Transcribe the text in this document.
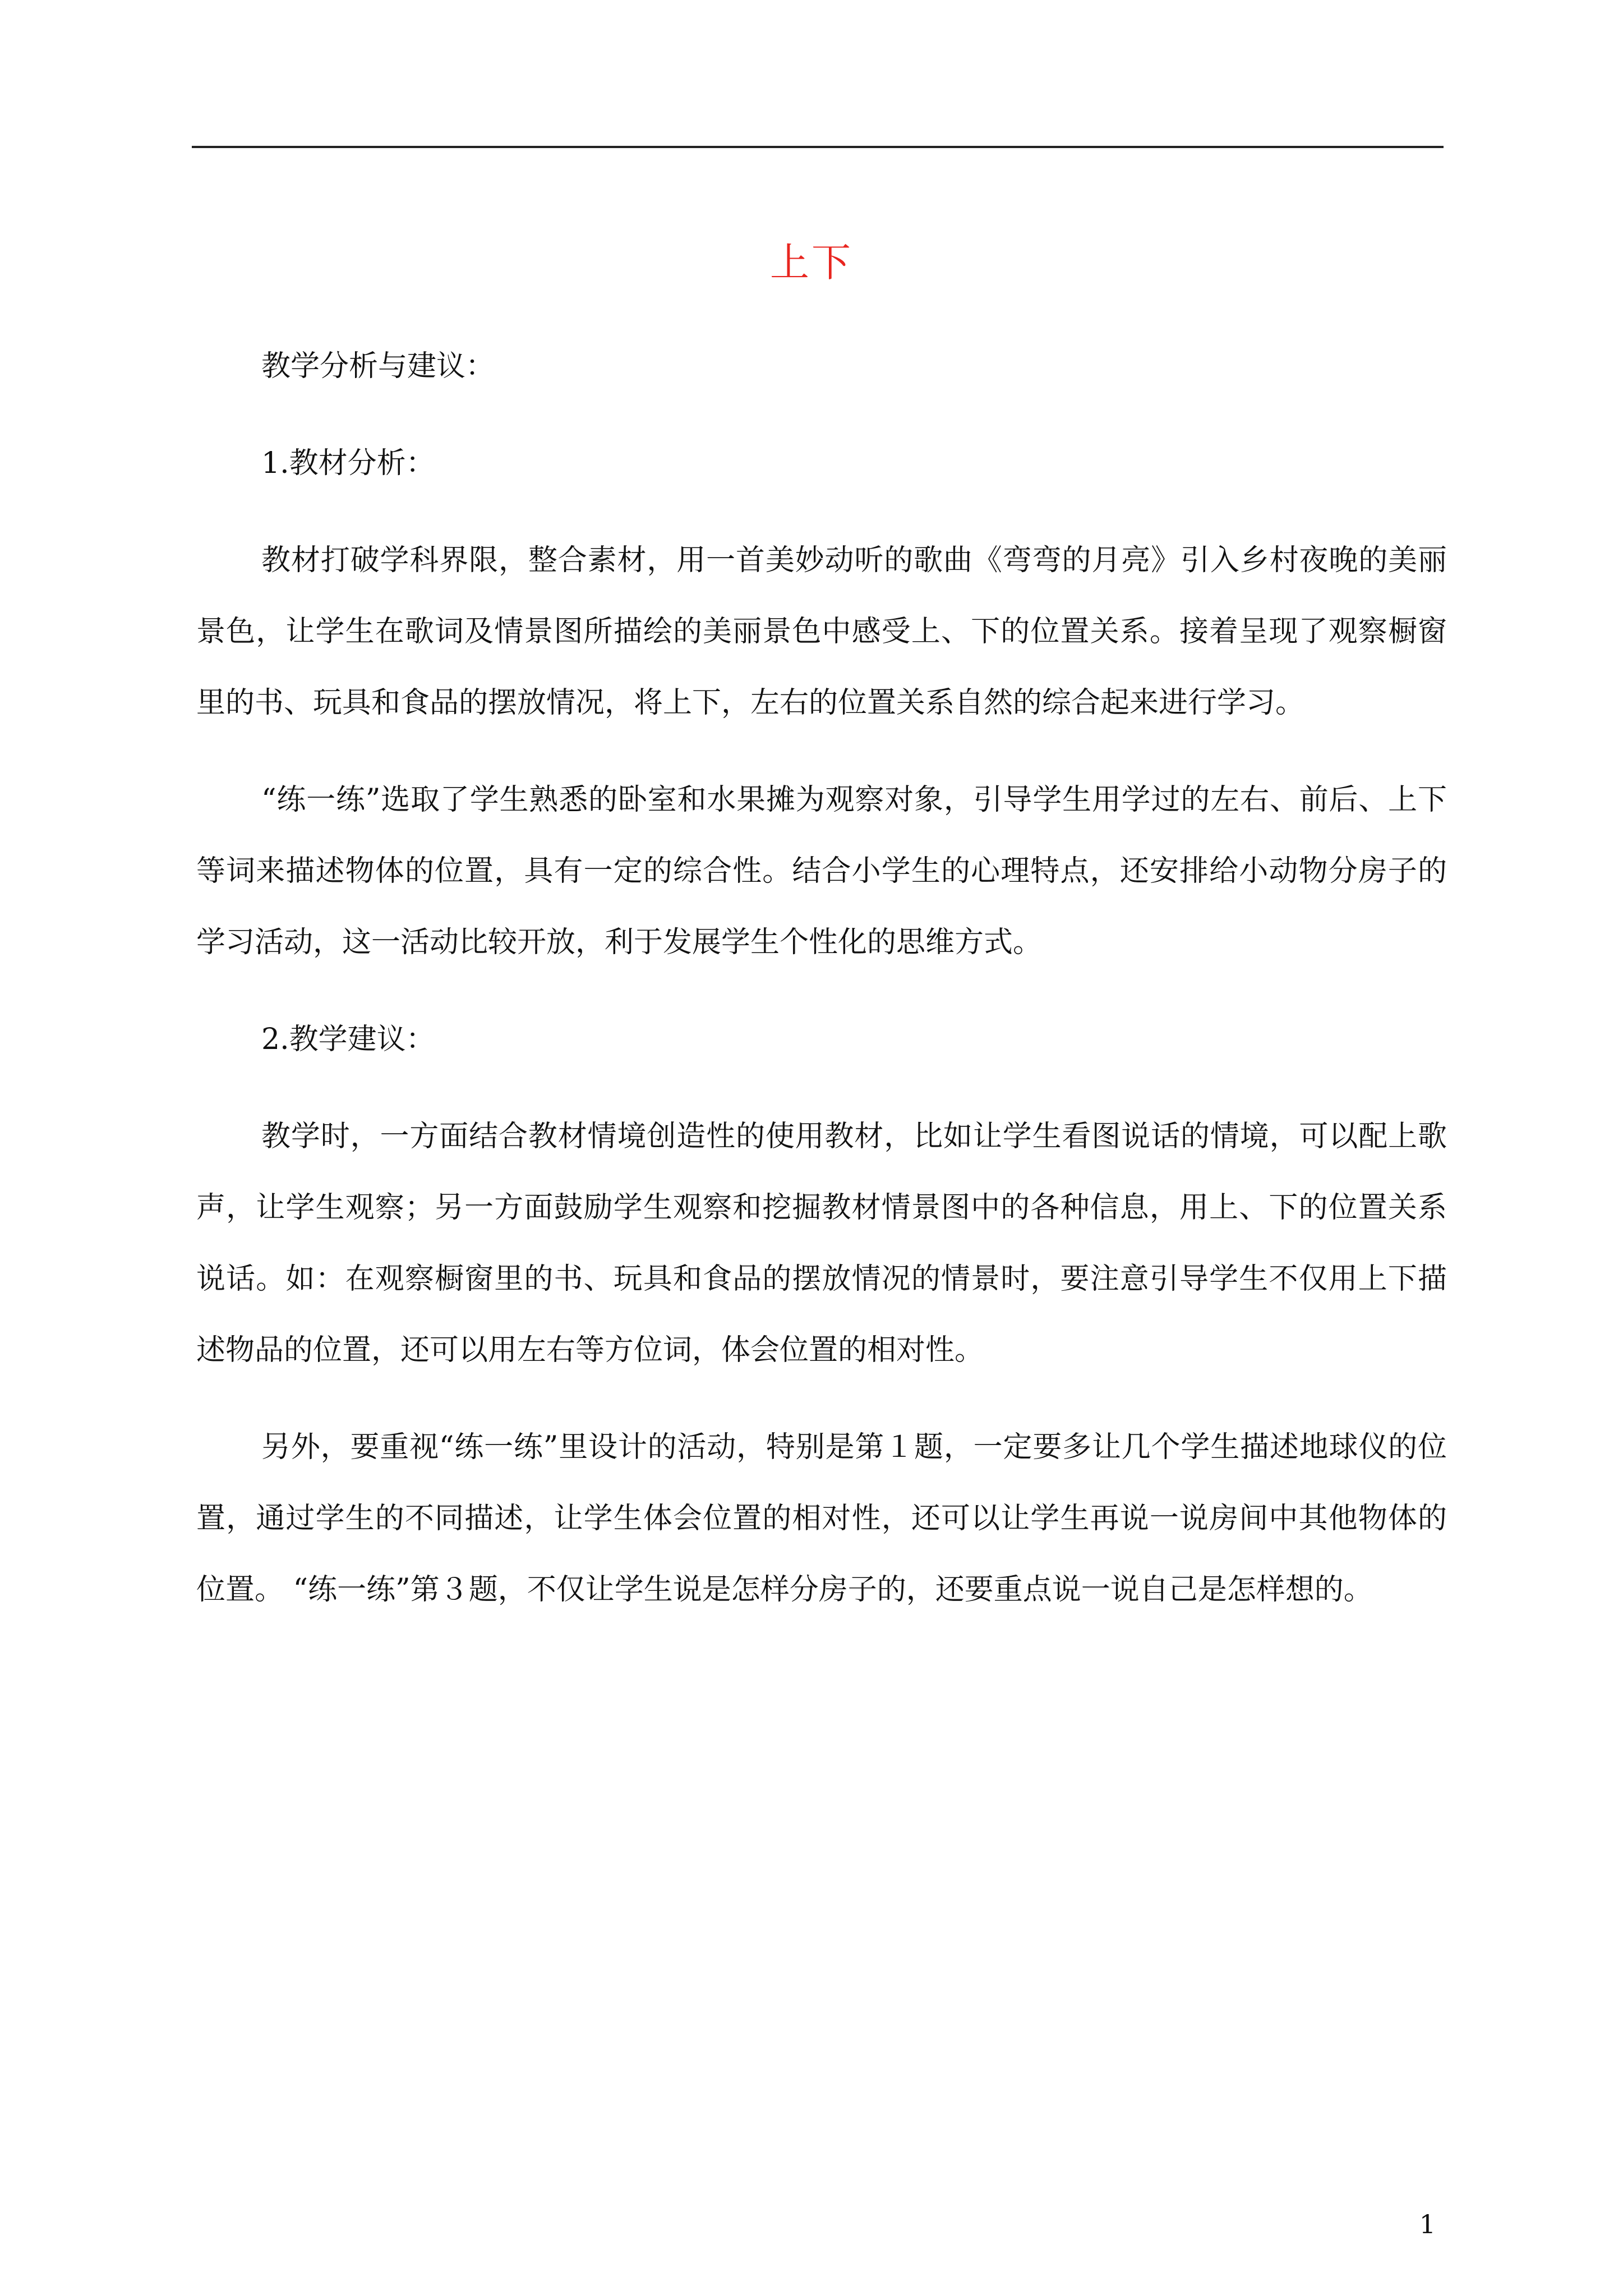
上下

教学分析与建议：

1.教材分析：

教材打破学科界限，整合素材，用一首美妙动听的歌曲《弯弯的月亮》引入乡村夜晚的美丽景色，让学生在歌词及情景图所描绘的美丽景色中感受上、下的位置关系。接着呈现了观察橱窗里的书、玩具和食品的摆放情况，将上下，左右的位置关系自然的综合起来进行学习。

“练一练”选取了学生熟悉的卧室和水果摊为观察对象，引导学生用学过的左右、前后、上下等词来描述物体的位置，具有一定的综合性。结合小学生的心理特点，还安排给小动物分房子的学习活动，这一活动比较开放，利于发展学生个性化的思维方式。

2.教学建议：

教学时，一方面结合教材情境创造性的使用教材，比如让学生看图说话的情境，可以配上歌声，让学生观察；另一方面鼓励学生观察和挖掘教材情景图中的各种信息，用上、下的位置关系说话。如：在观察橱窗里的书、玩具和食品的摆放情况的情景时，要注意引导学生不仅用上下描述物品的位置，还可以用左右等方位词，体会位置的相对性。

另外，要重视“练一练”里设计的活动，特别是第１题，一定要多让几个学生描述地球仪的位置，通过学生的不同描述，让学生体会位置的相对性，还可以让学生再说一说房间中其他物体的位置。 “练一练”第３题，不仅让学生说是怎样分房子的，还要重点说一说自己是怎样想的。

1
